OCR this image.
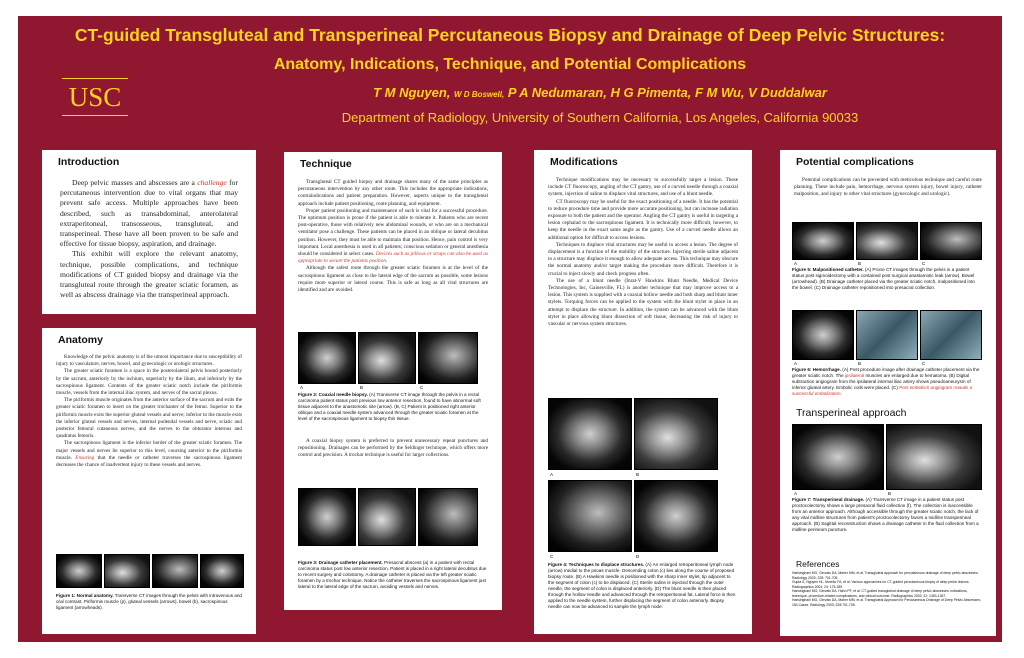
CT-guided Transgluteal and Transperineal Percutaneous Biopsy and Drainage of Deep Pelvic Structures:
Anatomy, Indications, Technique, and Potential Complications
USC	T M Nguyen, W D Boswell, P A Nedumaran, H G Pimenta, F M Wu, V Duddalwar
Department of Radiology, University of Southern California, Los Angeles, California 90033
Introduction
Deep pelvic masses and abscesses are a challenge for percutaneous intervention due to vital organs that may prevent safe access. Multiple approaches have been described, such as transabdominal, anterolateral extraperitoneal, transosseous, transgluteal, and transperineal. These have all been proven to be safe and effective for tissue biopsy, aspiration, and drainage.
This exhibit will explore the relevant anatomy, technique, possible complications, and technique modifications of CT guided biopsy and drainage via the transgluteal route through the greater sciatic foramen, as well as abscess drainage via the transperineal approach.
Anatomy
Knowledge of the pelvic anatomy is of the utmost importance due to susceptibility of injury to vasculature, nerves, bowel, and gynecologic or urologic structures.
The greater sciatic foramen is a space in the posterolateral pelvis bound posteriorly by the sacrum, anteriorly by the ischium, superiorly by the ilium, and inferiorly by the sacrospinous ligament. Contents of the greater sciatic notch include the piriformis muscle, vessels from the internal iliac system, and nerves of the sacral plexus.
The piriformis muscle originates from the anterior surface of the sacrum and exits the greater sciatic foramen to insert on the greater trochanter of the femur. Superior to the piriformis muscle exits the superior gluteal vessels and nerve; inferior to the muscle exits the inferior gluteal vessels and nerves, internal pudendal vessels and nerve, sciatic and posterior femoral cutaneous nerves, and the nerves to the obturator internus and quadratus femoris.
The sacrospinous ligament is the inferior border of the greater sciatic foramen. The major vessels and nerves lie superior to this level, coursing anterior to the piriformis muscle. Ensuring that the needle or catheter traverses the sacrospinous ligament decreases the chance of inadvertent injury to these vessels and nerves.
Figure 1: Normal anatomy. Transverse CT images through the pelvis with intravenous and oral contrast. Piriformis muscle (p), gluteal vessels (arrows), bowel (b), sacrospinous ligament (arrowheads).
Technique
Transgluteal CT guided biopsy and drainage shares many of the same principles as percutaneous intervention by any other route. This includes the appropriate indications, contraindications and patient preparation. However, aspects unique to the transgluteal approach include patient positioning, route planning, and equipment.
Proper patient positioning and maintenance of such is vital for a successful procedure. The optimum position is prone if the patient is able to tolerate it. Patients who are recent post-operative, those with relatively new abdominal wounds, or who are on a mechanical ventilator pose a challenge. These patients can be placed in an oblique or lateral decubitus position. However, they must be able to maintain that position. Hence, pain control is very important. Local anesthesia is used in all patients; conscious sedation or general anesthesia should be considered in select cases. Devices such as pillows or straps can also be used as appropriate to secure the patients position.
Although the safest route through the greater sciatic foramen is at the level of the sacrospinous ligament as close to the lateral edge of the sacrum as possible, some lesions require more superior or lateral course. This is safe as long as all vital structures are identified and are avoided.
A	B	C
Figure 2: Coaxial needle biopsy. (A) Transverse CT image through the pelvis in a rectal carcinoma patient status post previous low anterior resection, found to have abnormal soft tissue adjacent to the anastomotic site (arrow). (B, C) Patient is positioned right anterior oblique and a coaxial needle system advanced through the greater sciatic foramen at the level of the sacrospinous ligament to biopsy this tissue.
A coaxial biopsy system is preferred to prevent unnecessary repeat punctures and repositioning. Drainages can be performed by the Seldinger technique, which offers more control and precision. A trochar technique is useful for larger collections.
Figure 3: Drainage catheter placement. Presacral abscess (a) in a patient with rectal carcinoma status post low anterior resection. Patient is placed in a right lateral decubitus due to recent surgery and colostomy. A drainage catheter is placed via the left greater sciatic foramen by a trochar technique. Notice the catheter traverses the sacrospinous ligament just lateral to the lateral edge of the sacrum, avoiding vessels and nerves.
Modifications
Technique modifications may be necessary to successfully target a lesion. These include CT fluoroscopy, angling of the CT gantry, use of a curved needle through a coaxial system, injection of saline to displace vital structures, and use of a blunt needle.
CT fluoroscopy may be useful for the exact positioning of a needle. It has the potential to reduce procedure time and provide more accurate positioning, but can increase radiation exposure to both the patient and the operator. Angling the CT gantry is useful in targeting a lesion cephalad to the sacrospinous ligament. It is technically more difficult, however, to keep the needle in the exact same angle as the gantry. Use of a curved needle allows an additional option for difficult to access lesions.
Techniques to displace vital structures may be useful to access a lesion. The degree of displacement is a function of the mobility of the structure. Injecting sterile saline adjacent to a structure may displace it enough to allow adequate access. This technique may obscure the normal anatomy and/or target making the procedure more difficult. Therefore it is crucial to inject slowly and check progress often.
The use of a blunt needle (Inrat-V Hawkins Blunt Needle, Medical Device Technologies, Inc, Gainesville, FL) is another technique that may improve access to a lesion. This system is supplied with a coaxial hollow needle and both sharp and blunt inner stylets. Torquing forces can be applied to the system with the blunt stylet in place in an attempt to displace the structure. In addition, the system can be advanced with the blunt stylet in place allowing blunt dissection of soft tissue, decreasing the risk of injury to vascular or nervous system structures.
A	B
C	D
Figure 4: Techniques to displace structures. (A) An enlarged retroperitoneal lymph node (arrow) medial to the psoas muscle. Descending colon (c) lies along the course of proposed biopsy route. (B) A Hawkins needle is positioned with the sharp inner stylet, tip adjacent to the segment of colon (c) to be displaced. (C) Sterile saline is injected through the outer needle, the segment of colon is displaced anteriorly. (D) The blunt needle is then placed through the hollow needle and advanced through the retroperitoneal fat. Lateral force is then applied to the needle system, further displacing the segment of colon anteriorly. Biopsy needle can now be advanced to sample the lymph node.
Potential complications
Potential complications can be prevented with meticulous technique and careful route planning. These include pain, hemorrhage, nervous system injury, bowel injury, catheter malposition, and injury to other vital structures (gynecologic and urologic).
A	B	C
Figure 5: Malpositioned catheter. (A) Prone CT images through the pelvis in a patient status post sigmoidectomy with a contained post surgical anastamotic leak (arrow). Bowel (arrowhead). (B) Drainage catheter placed via the greater sciatic notch, malpositioned into the bowel. (C) Drainage catheter repositioned into presacral collection.
A	B	C
Figure 6: Hemorrhage. (A) Post procedure image after drainage catheter placement via the greater sciatic notch. The ipsilateral muscles are enlarged due to hematoma. (B) Digital subtraction angiogram from the ipsilateral internal iliac artery shows pseudoaneurysm of inferior gluteal artery. Embolic coils were placed. (C) Post embolism angiogram reveals a successful embolization.
Transperineal approach
A	B
Figure 7: Transperineal drainage. (A) Transverse CT image in a patient status post proctocolectomy shows a large presacral fluid collection (f). The collection is inaccessible from an anterior approach. Although accessible through the greater sciatic notch, the lack of any vital midline structures from patient's proctocolectomy favors a midline transperineal approach. (B) Sagittal reconstruction shows a drainage catheter in the fluid collection from a midline perineum puncture.
References
Harisinghani MG, Gervais DA, Maher MM, et al. Transgluteal approach for percutaneous drainage of deep pelvic abscesses. Radiology 2003; 228: 701-705.
Gupta S, Nguyen HL, Morello FA, et al. Various approaches for CT-guided percutaneous biopsy of deep pelvic lesions. Radiographics 2004; 24: 175-189.
Harisinghani MG, Gervais DA, Hahn PF, et al. CT-guided transgluteal drainage of deep pelvic abscesses: indications, technique, procedure-related complications, and clinical outcome. Radiographics 2002; 22: 1353-1367.
Harisinghani MG, Gervais DA, Maher MM, et al. Transgluteal Approach for Percutaneous Drainage of Deep Pelvic Abscesses: 154 Cases. Radiology 2003; 228:701-705.
